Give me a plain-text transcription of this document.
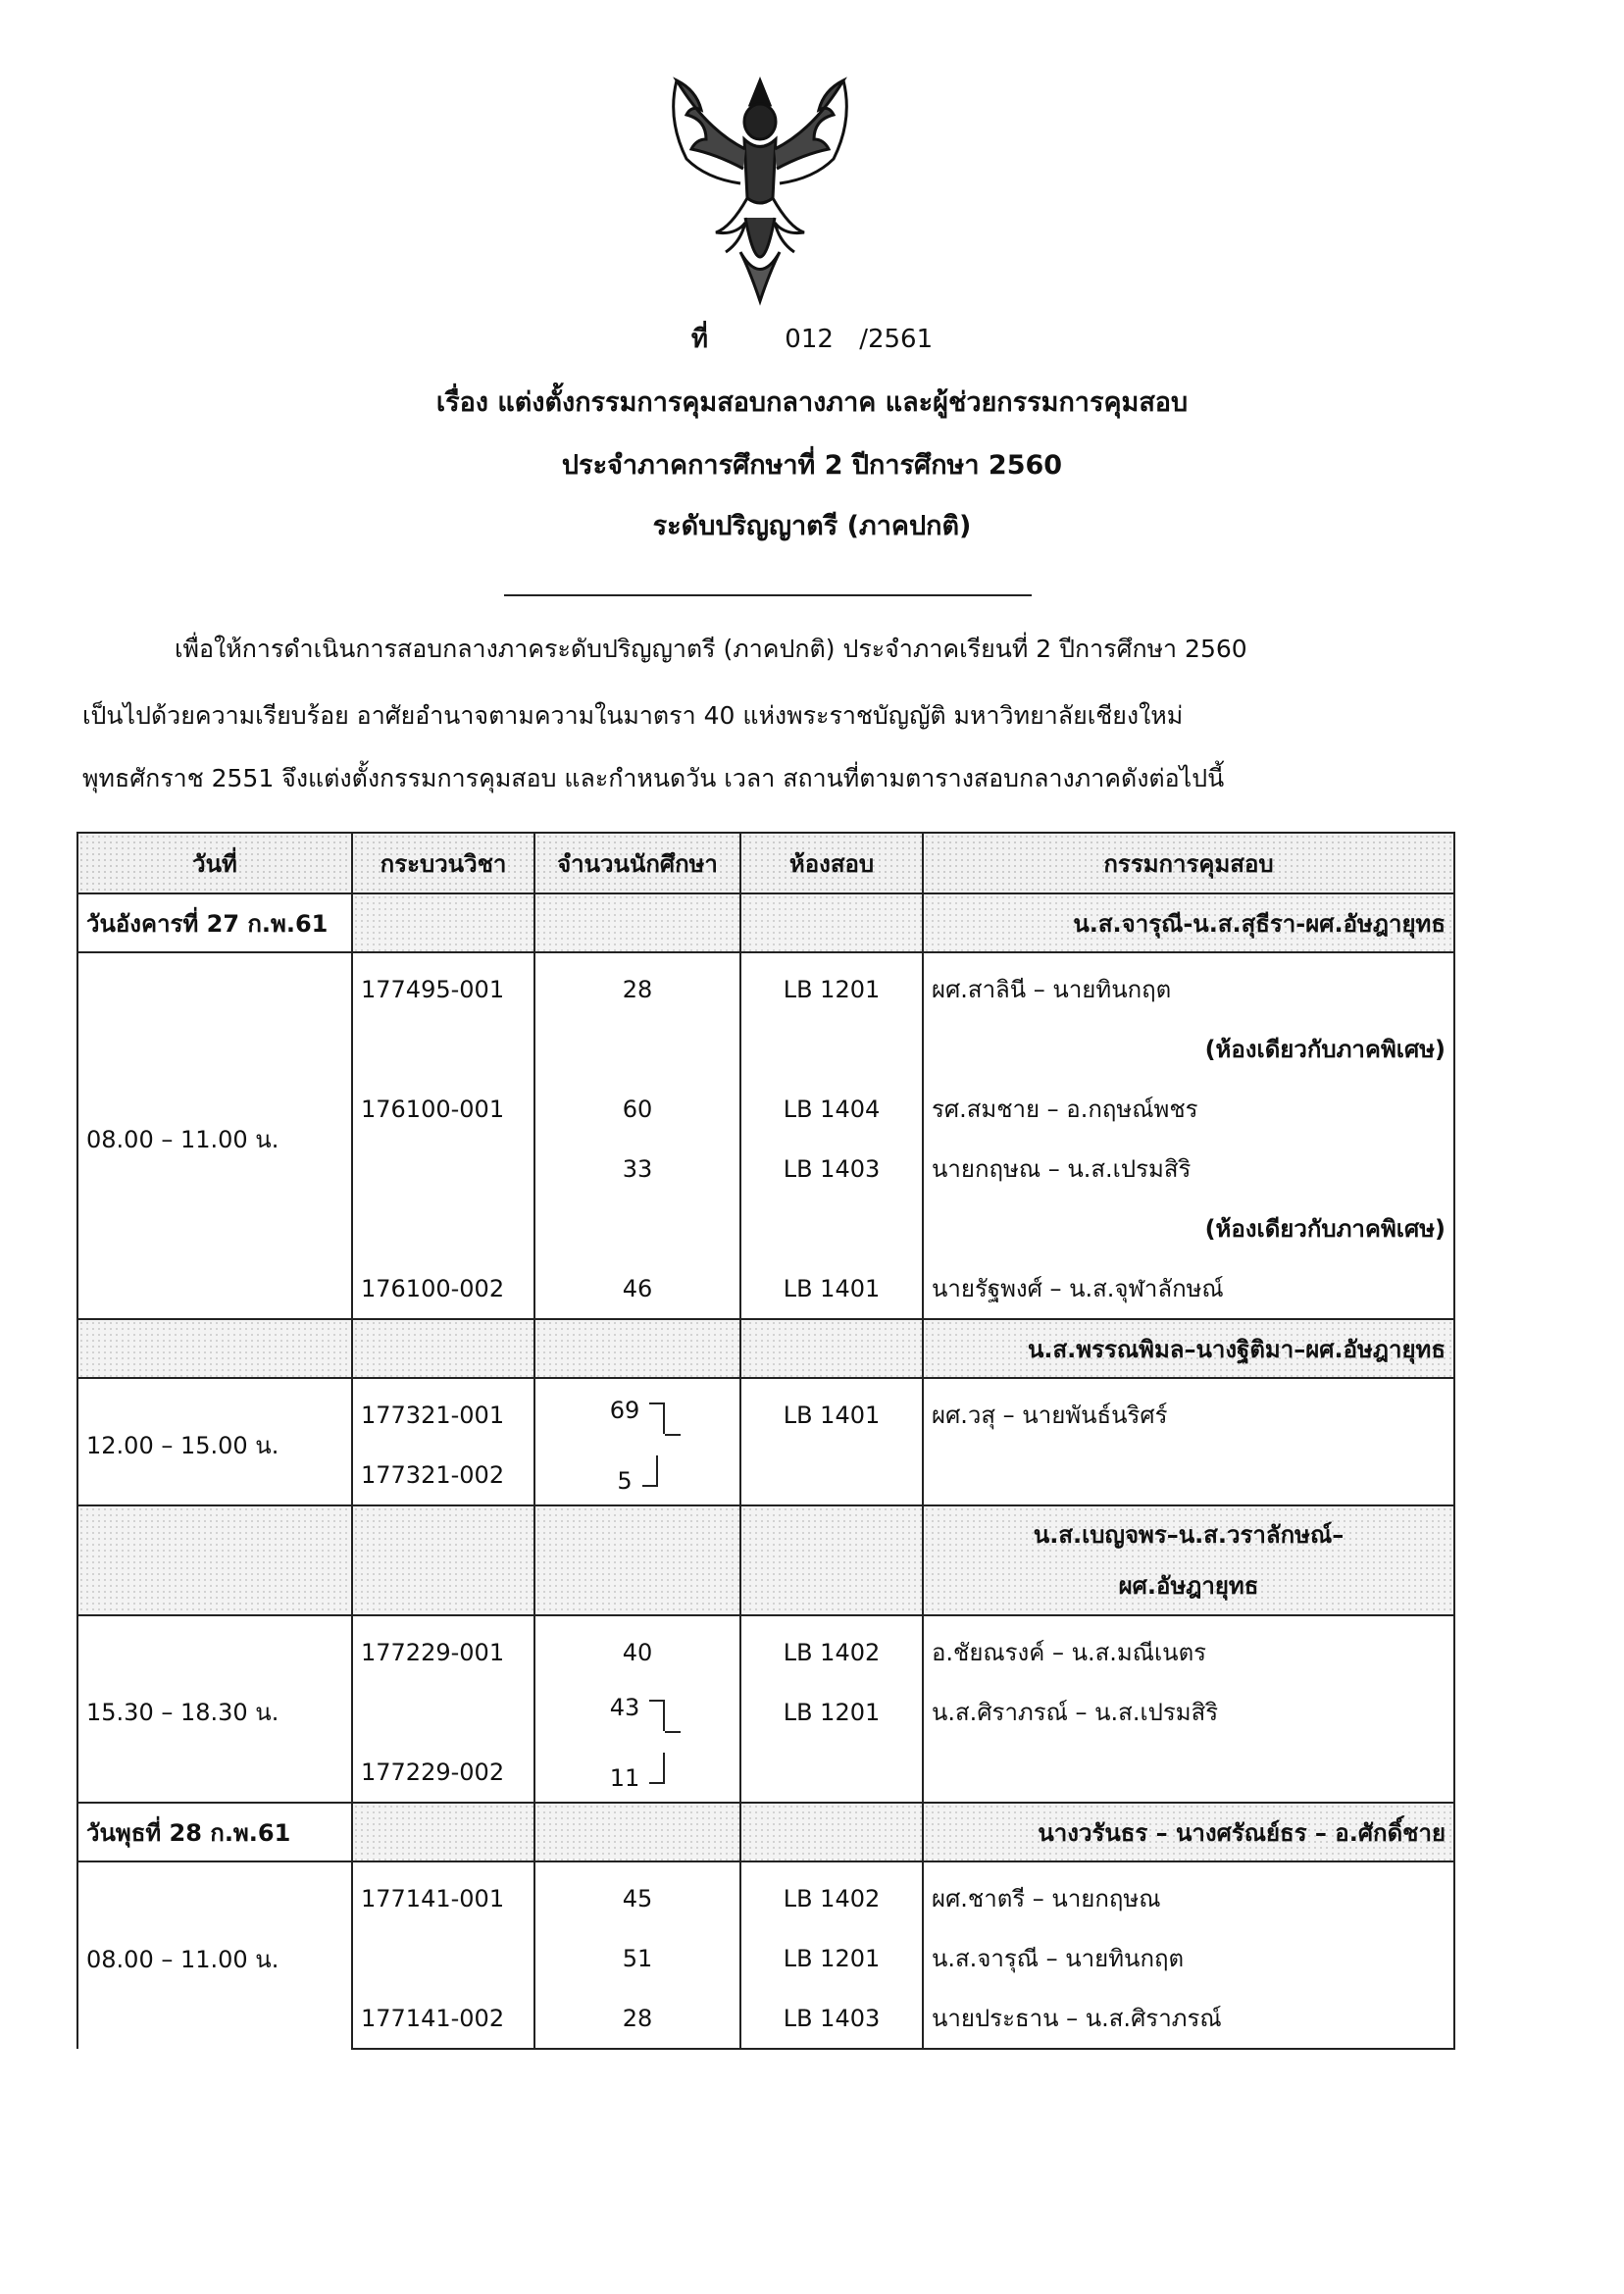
ที่	012 /2561
เรื่อง แต่งตั้งกรรมการคุมสอบกลางภาค และผู้ช่วยกรรมการคุมสอบ
ประจำภาคการศึกษาที่ 2 ปีการศึกษา 2560
ระดับปริญญาตรี (ภาคปกติ)
เพื่อให้การดำเนินการสอบกลางภาคระดับปริญญาตรี (ภาคปกติ) ประจำภาคเรียนที่ 2 ปีการศึกษา 2560
เป็นไปด้วยความเรียบร้อย อาศัยอำนาจตามความในมาตรา 40 แห่งพระราชบัญญัติ มหาวิทยาลัยเชียงใหม่
พุทธศักราช 2551 จึงแต่งตั้งกรรมการคุมสอบ และกำหนดวัน เวลา สถานที่ตามตารางสอบกลางภาคดังต่อไปนี้
วันที่	กระบวนวิชา	จำนวนนักศึกษา	ห้องสอบ	กรรมการคุมสอบ
วันอังคารที่ 27 ก.พ.61				น.ส.จารุณี-น.ส.สุธีรา-ผศ.อัษฎายุทธ
08.00 – 11.00 น.	177495-001	28	LB 1201	ผศ.สาลินี – นายทินกฤต
				(ห้องเดียวกับภาคพิเศษ)
	176100-001	60	LB 1404	รศ.สมชาย – อ.กฤษณ์พชร
		33	LB 1403	นายกฤษณ – น.ส.เปรมสิริ
				(ห้องเดียวกับภาคพิเศษ)
	176100-002	46	LB 1401	นายรัฐพงศ์ – น.ส.จุฬาลักษณ์
				น.ส.พรรณพิมล–นางฐิติมา–ผศ.อัษฎายุทธ
12.00 – 15.00 น.	177321-001	69	LB 1401	ผศ.วสุ – นายพันธ์นริศร์
	177321-002	5		

				น.ส.เบญจพร–น.ส.วราลักษณ์–
ผศ.อัษฎายุทธ

15.30 – 18.30 น.	177229-001	40	LB 1402	อ.ชัยณรงค์ – น.ส.มณีเนตร
		43	LB 1201	น.ส.ศิราภรณ์ – น.ส.เปรมสิริ
	177229-002	11		
วันพุธที่ 28 ก.พ.61				นางวรันธร – นางศรัณย์ธร – อ.ศักดิ์ชาย
08.00 – 11.00 น.	177141-001	45	LB 1402	ผศ.ชาตรี – นายกฤษณ
		51	LB 1201	น.ส.จารุณี – นายทินกฤต
	177141-002	28	LB 1403	นายประธาน – น.ส.ศิราภรณ์
